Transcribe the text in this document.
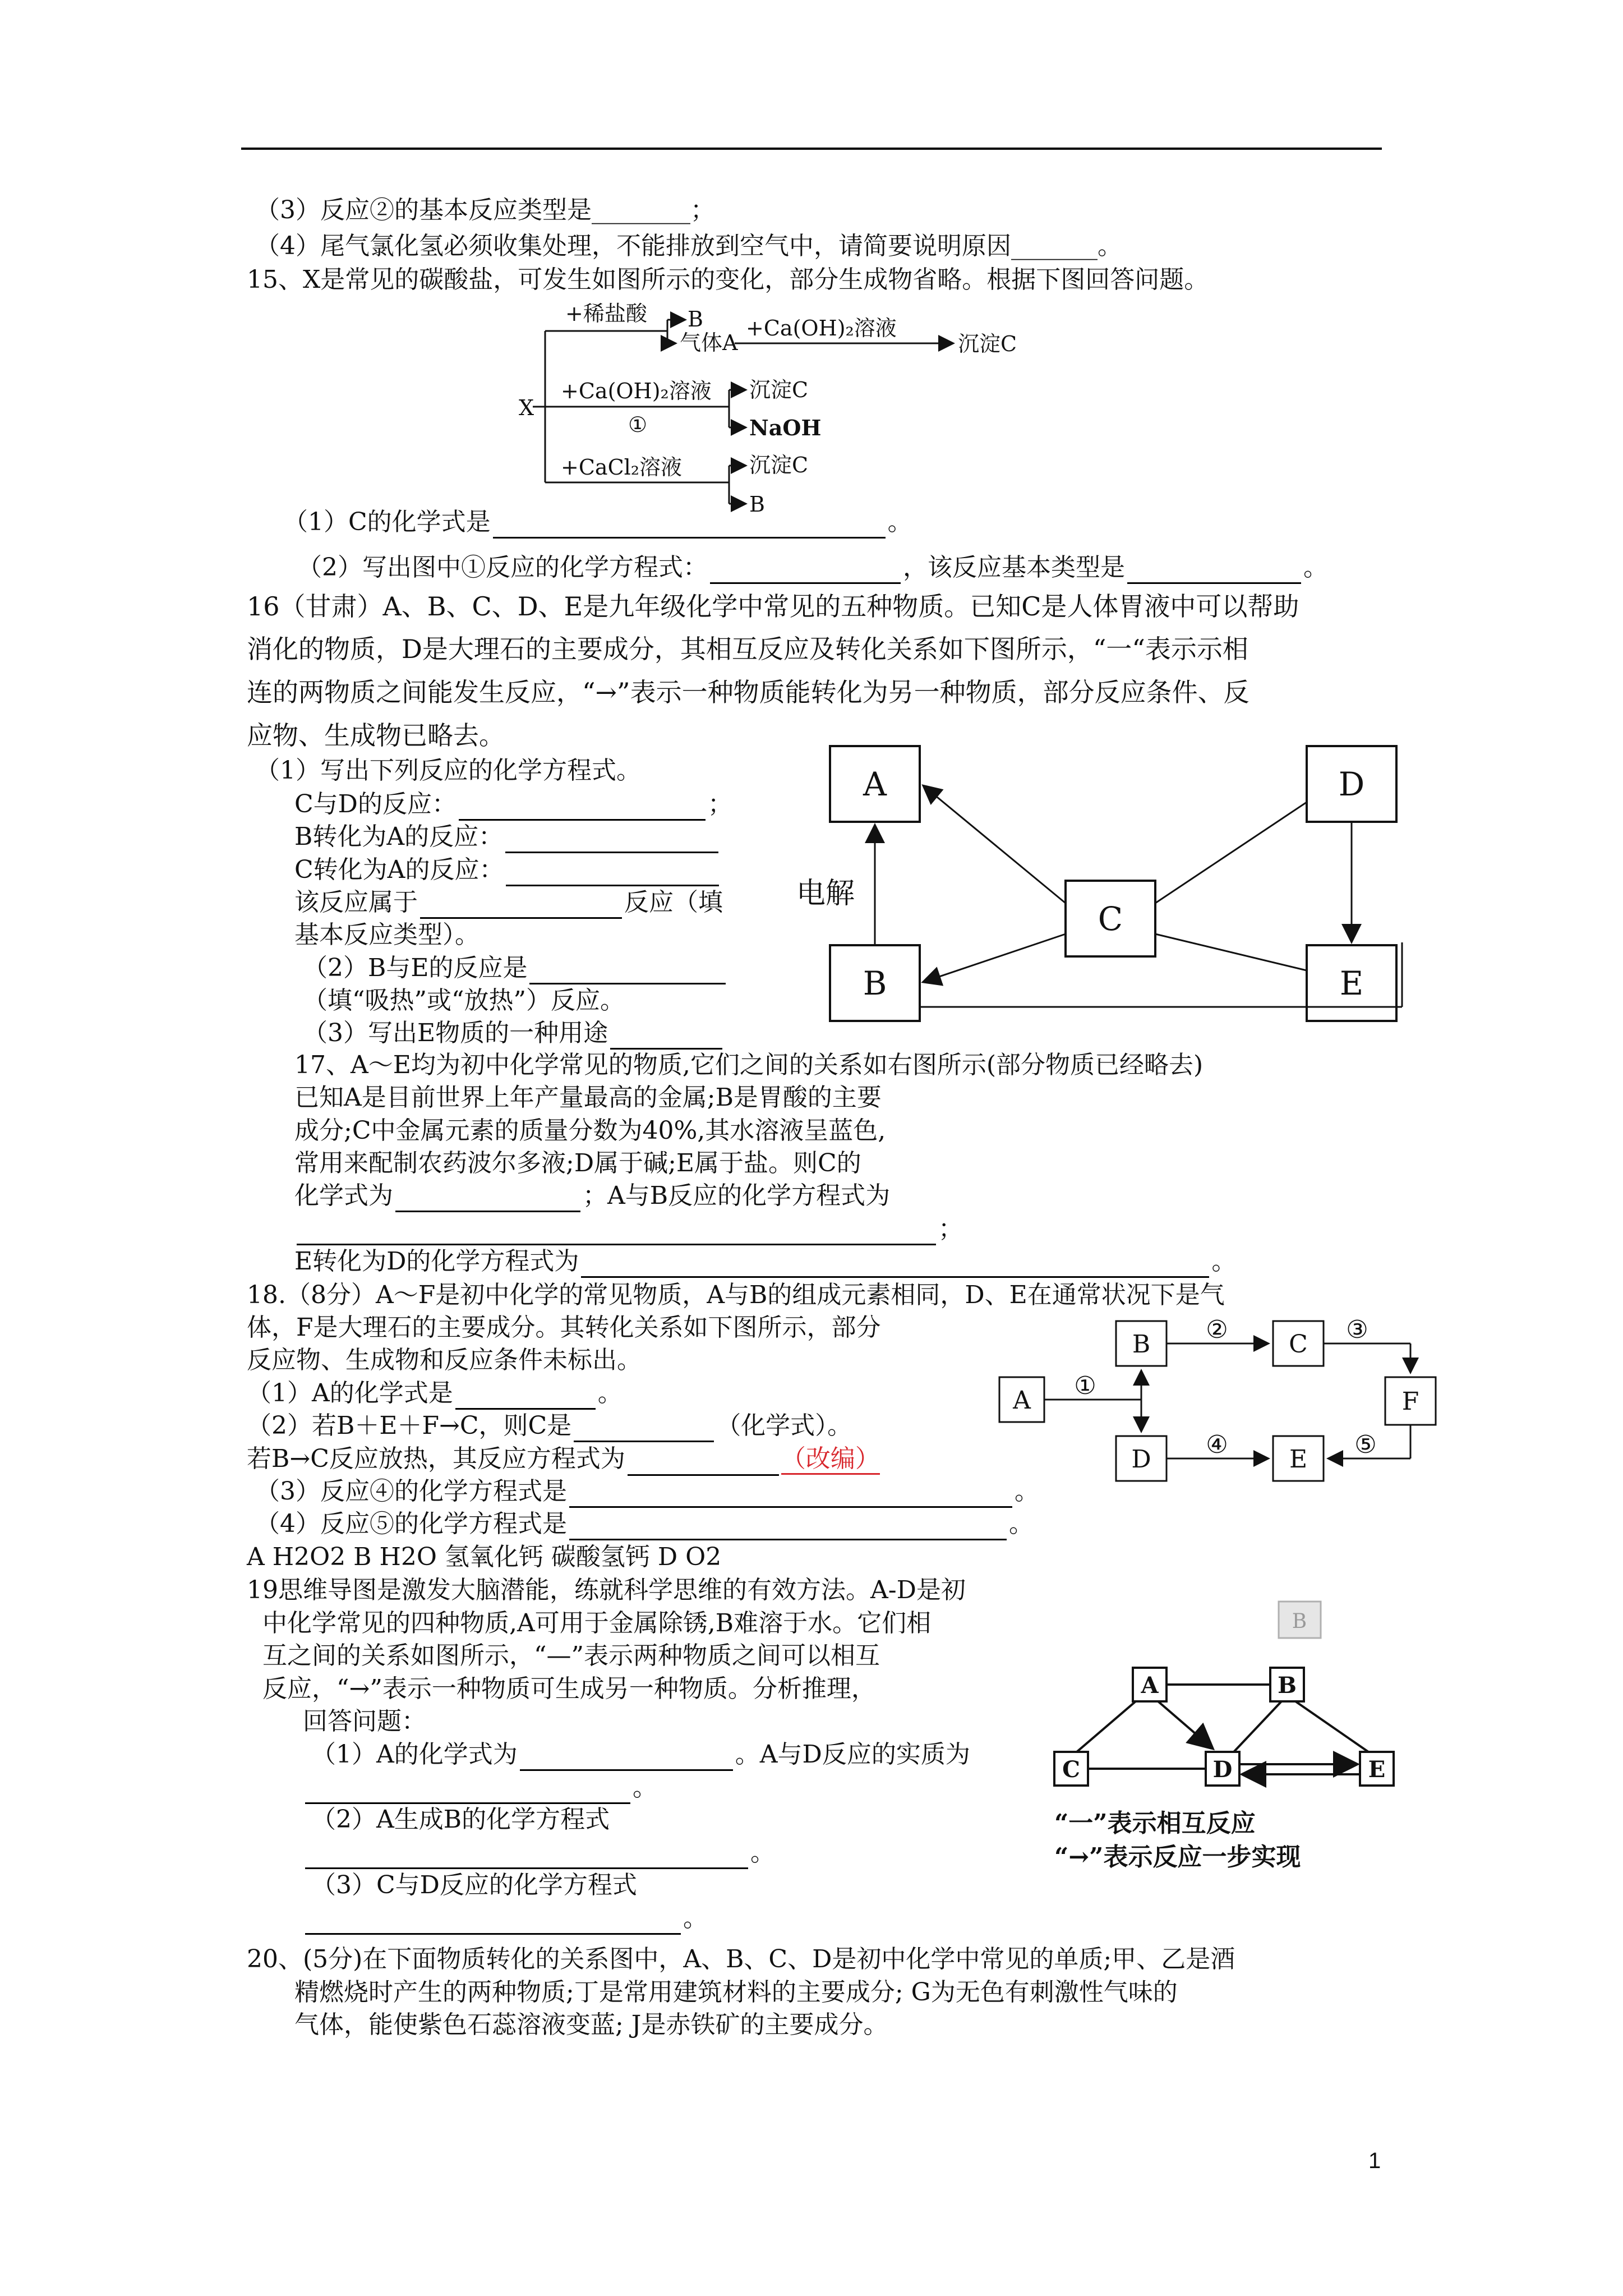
（3）反应②的基本反应类型是________；
（4）尾气氯化氢必须收集处理，不能排放到空气中，请简要说明原因_______。
15、X是常见的碳酸盐，可发生如图所示的变化，部分生成物省略。根据下图回答问题。
+稀盐酸 B
气体A
+Ca(OH)₂溶液
沉淀C
X
+Ca(OH)₂溶液
①
沉淀C
NaOH
+CaCl₂溶液	沉淀C
B
（1）C的化学式是	。
（2）写出图中①反应的化学方程式：	，该反应基本类型是	。
16（甘肃）A、B、C、D、E是九年级化学中常见的五种物质。已知C是人体胃液中可以帮助
消化的物质，D是大理石的主要成分，其相互反应及转化关系如下图所示，“一“表示示相
连的两物质之间能发生反应，“→”表示一种物质能转化为另一种物质，部分反应条件、反
应物、生成物已略去。
（1）写出下列反应的化学方程式。
C与D的反应：	；
B转化为A的反应：
C转化为A的反应：
该反应属于	反应（填
基本反应类型）。
（2）B与E的反应是
（填“吸热”或“放热”）反应。
（3）写出E物质的一种用途
A	D
C
B	E
电解
17、A～E均为初中化学常见的物质,它们之间的关系如右图所示(部分物质已经略去)
已知A是目前世界上年产量最高的金属;B是胃酸的主要
成分;C中金属元素的质量分数为40%,其水溶液呈蓝色,
常用来配制农药波尔多液;D属于碱;E属于盐。则C的
化学式为	；A与B反应的化学方程式为
；
E转化为D的化学方程式为	。
18.（8分）A～F是初中化学的常见物质，A与B的组成元素相同，D、E在通常状况下是气
体，F是大理石的主要成分。其转化关系如下图所示，部分
反应物、生成物和反应条件未标出。
（1）A的化学式是	。
（2）若B＋E＋F→C，则C是	（化学式）。
若B→C反应放热，其反应方程式为	（改编）
（3）反应④的化学方程式是	。
（4）反应⑤的化学方程式是	。
A H2O2 B H2O 氢氧化钙 碳酸氢钙 D O2
A
B	C
F
D	E
①
②	③
④	⑤
19思维导图是激发大脑潜能，练就科学思维的有效方法。A-D是初
中化学常见的四种物质,A可用于金属除锈,B难溶于水。它们相
互之间的关系如图所示，“—”表示两种物质之间可以相互
反应，“→”表示一种物质可生成另一种物质。分析推理，
回答问题：
（1）A的化学式为	。A与D反应的实质为
。
（2）A生成B的化学方程式
。
（3）C与D反应的化学方程式
。
B
A	B
C	D	E
“一”表示相互反应
“→”表示反应一步实现
20、(5分)在下面物质转化的关系图中，A、B、C、D是初中化学中常见的单质;甲、乙是酒
精燃烧时产生的两种物质;丁是常用建筑材料的主要成分; G为无色有刺激性气味的
气体，能使紫色石蕊溶液变蓝; J是赤铁矿的主要成分。
1
